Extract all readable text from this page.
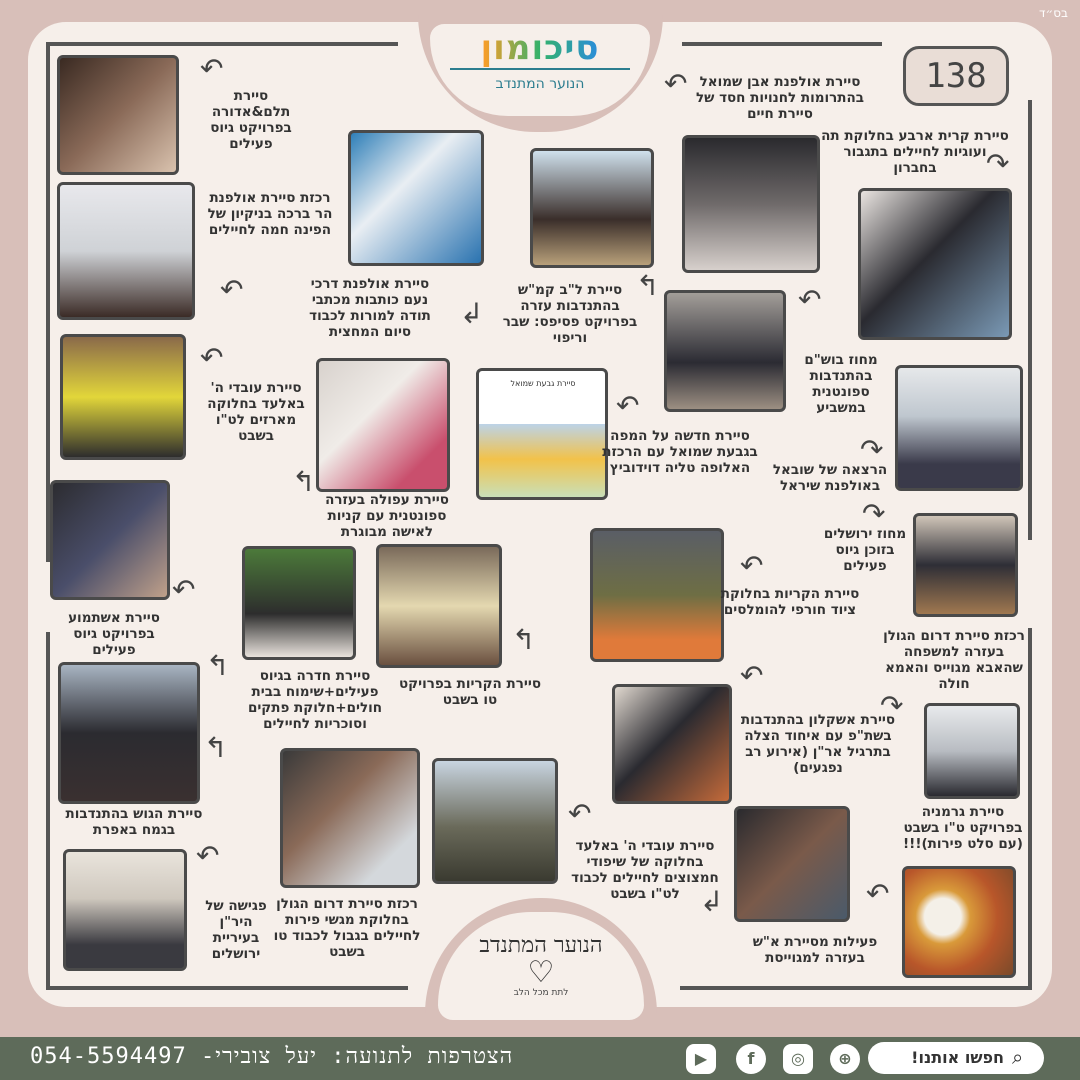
בס״ד
סיכומון
הנוער המתנדב	138
הנוער המתנדב
♡
לתת מכל הלב
סיירת גבעת שמואל
סיירת תלם&אדורה בפרויקט גיוס פעילים
רכזת סיירת אולפנת הר ברכה בניקיון של הפינה חמה לחיילים
סיירת אולפנת דרכי נעם כותבות מכתבי תודה למורות לכבוד סיום המחצית
סיירת ל"ב קמ"ש בהתנדבות עזרה בפרויקט פסיפס: שבר וריפוי
סיירת אולפנת אבן שמואל בהתרומות לחנויות חסד של סיירת חיים
סיירת קרית ארבע בחלוקת תה ועוגיות לחיילים בתגבור בחברון
סיירת עובדי ה' באלעד בחלוקה מארזים לט"ו בשבט
סיירת עפולה בעזרה ספונטנית עם קניות לאישה מבוגרת
סיירת חדשה על המפה בגבעת שמואל עם הרכזת האלופה טליה דוידוביץ
מחוז בוש"ם בהתנדבות ספונטנית במשביע
הרצאה של שובאל באולפנת שיראל
מחוז ירושלים בזוכן גיוס פעילים
סיירת אשתמוע בפרויקט גיוס פעילים
סיירת חדרה בגיוס פעילים+שימוח בבית חולים+חלוקת פתקים וסוכריות לחיילים
סיירת הקריות בפרויקט טו בשבט
סיירת הקריות בחלוקת ציוד חורפי להומלסים
רכזת סיירת דרום הגולן בעזרה למשפחה שהאבא מגוייס והאמא חולה
סיירת הגוש בהתנדבות בגמח באפרת
סיירת אשקלון בהתנדבות בשת"פ עם איחוד הצלה בתרגיל אר"ן (אירוע רב נפגעים)
סיירת גרמניה בפרויקט ט"ו בשבט (עם סלט פירות)!!!
פגישה של היר"ן בעיריית ירושלים
רכזת סיירת דרום הגולן בחלוקת מגשי פירות לחיילים בגבול לכבוד טו בשבט
סיירת עובדי ה' באלעד בחלוקה של שיפודי חמצוצים לחיילים לכבוד לט"ו בשבט
פעילות מסיירת א"ש בעזרה למגוייסת
↶
↶
↲
↰
↶
↷
↶
↰
↶
↶
↷
↷
↶
↰
↰
↶
↷
↰
↶
↶
↶
↶
↲
הצטרפות לתנועה: יעל צובירי- 054-5594497	▶	f	◎	⊕	חפשו אותנו! ⌕
